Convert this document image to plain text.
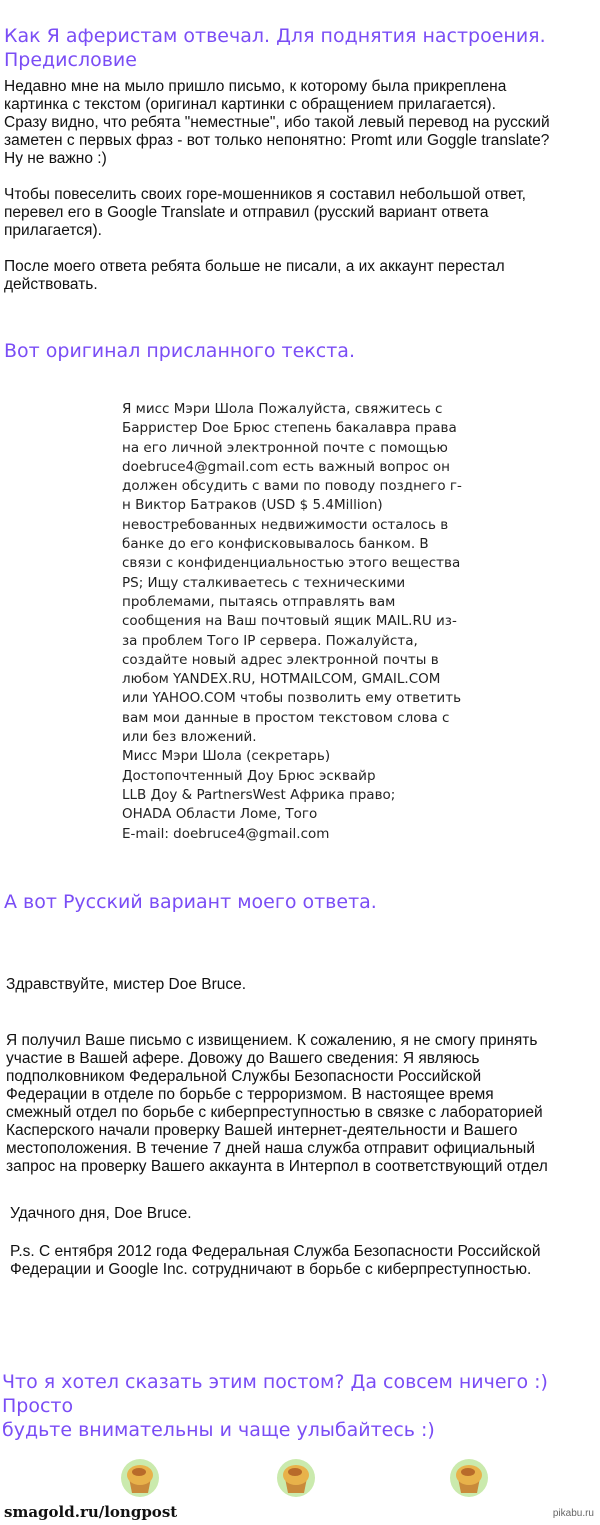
Как Я аферистам отвечал. Для поднятия настроения.
Предисловие

Недавно мне на мыло пришло письмо, к которому была прикреплена
картинка с текстом (оригинал картинки с обращением прилагается).
Сразу видно, что ребята "неместные", ибо такой левый перевод на русский
заметен с первых фраз - вот только непонятно: Promt или Goggle translate?
Ну не важно :)

Чтобы повеселить своих горе-мошенников я составил небольшой ответ,
перевел его в Google Translate и отправил (русский вариант ответа
прилагается).

После моего ответа ребята больше не писали, а их аккаунт перестал
действовать.

Вот оригинал присланного текста.
Я мисс Мэри Шола Пожалуйста, свяжитесь с
Барристер Doe Брюс степень бакалавра права
на его личной электронной почте с помощью
doebruce4@gmail.com есть важный вопрос он
должен обсудить с вами по поводу позднего г-
н Виктор Батраков (USD $ 5.4Million)
невостребованных недвижимости осталось в
банке до его конфисковывалось банком. В
связи с конфиденциальностью этого вещества
PS; Ищу сталкиваетесь с техническими
проблемами, пытаясь отправлять вам
сообщения на Ваш почтовый ящик MAIL.RU из-
за проблем Того IP сервера. Пожалуйста,
создайте новый адрес электронной почты в
любом YANDEX.RU, HOTMAILCOM, GMAIL.COM
или YAHOO.COM чтобы позволить ему ответить
вам мои данные в простом текстовом слова с
или без вложений.
Мисс Мэри Шола (секретарь)
Достопочтенный Доу Брюс эсквайр
LLB Доу & PartnersWest Африка право;
OHADA Области Ломе, Того
E-mail: doebruce4@gmail.com
А вот Русский вариант моего ответа.
Здравствуйте, мистер Doe Bruce.
Я получил Ваше письмо с извищением. К сожалению, я не смогу принять
участие в Вашей афере. Довожу до Вашего сведения: Я являюсь
подполковником Федеральной Службы Безопасности Российской
Федерации в отделе по борьбе с терроризмом. В настоящее время
смежный отдел по борьбе с киберпреступностью в связке с лабораторией
Касперского начали проверку Вашей интернет-деятельности и Вашего
местоположения. В течение 7 дней наша служба отправит официальный
запрос на проверку Вашего аккаунта в Интерпол в соответствующий отдел
Удачного дня, Doe Bruce.
P.s. С ентября 2012 года Федеральная Служба Безопасности Российской
Федерации и Google Inc. сотрудничают в борьбе с киберпреступностью.
Что я хотел сказать этим постом? Да совсем ничего :) Просто
будьте внимательны и чаще улыбайтесь :)
smagold.ru/longpost	pikabu.ru
